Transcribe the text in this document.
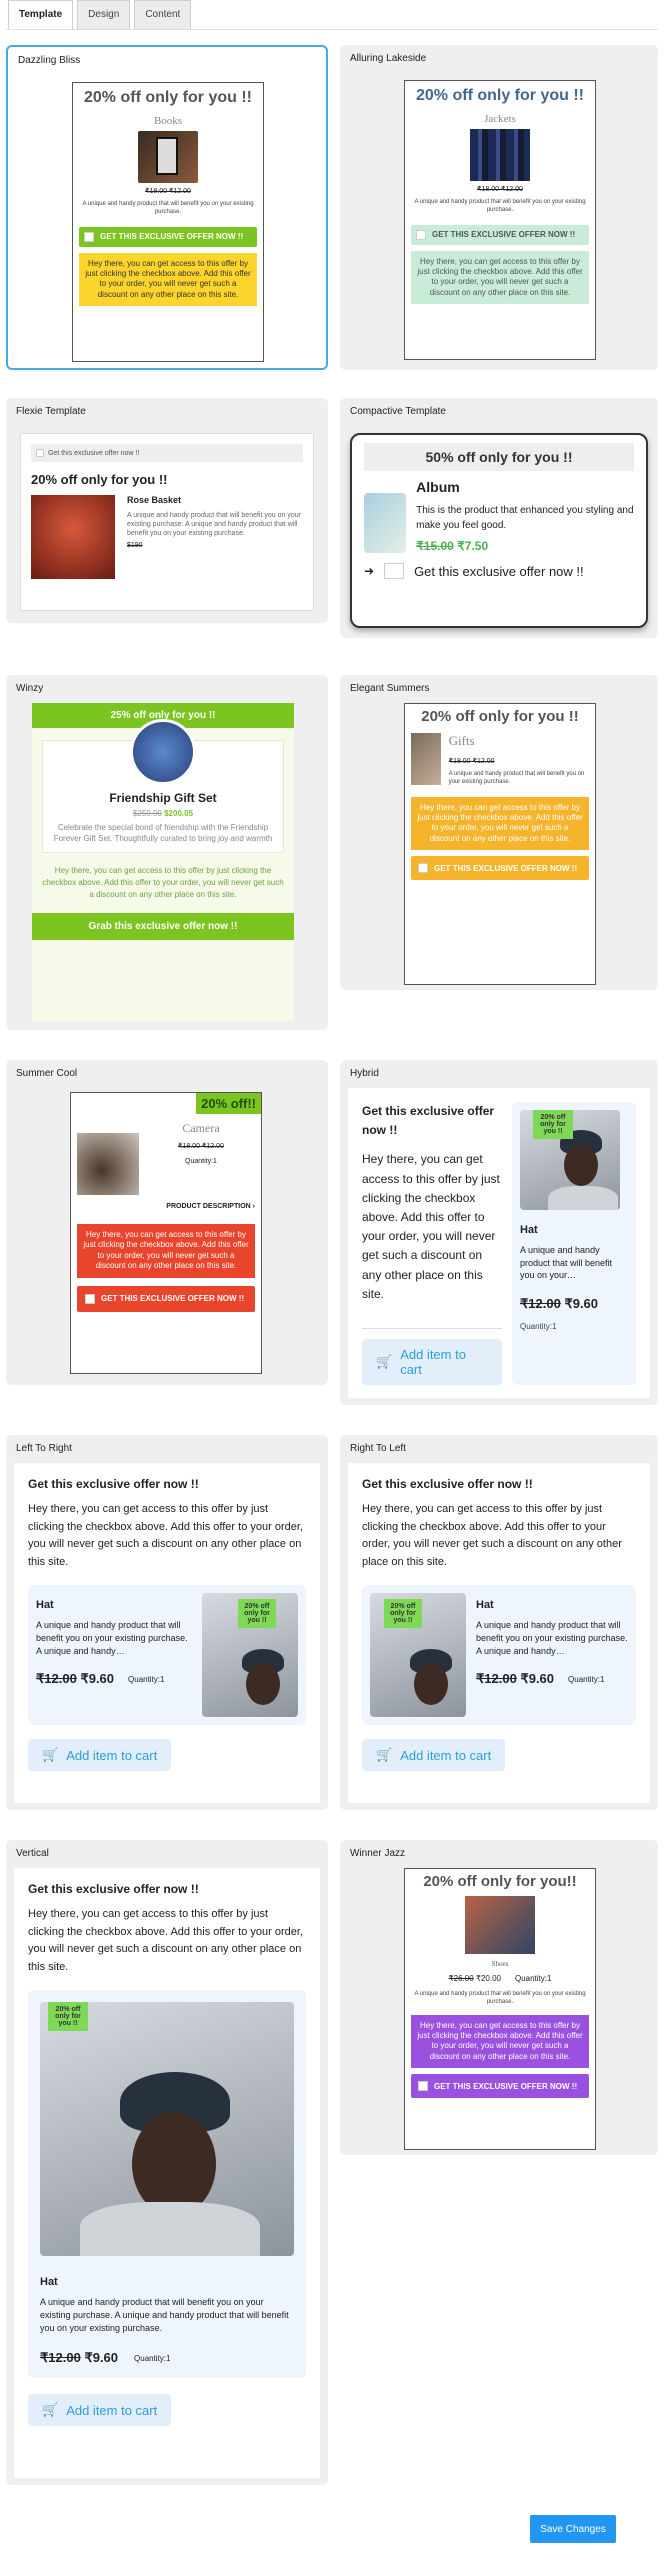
Template	Design	Content
Dazzling Bliss
20% off only for you !!
Books
₹18.00 ₹12.00
A unique and handy product that will benefit you on your existing purchase.
GET THIS EXCLUSIVE OFFER NOW !!
Hey there, you can get access to this offer by just clicking the checkbox above. Add this offer to your order, you will never get such a discount on any other place on this site.
Alluring Lakeside
20% off only for you !!
Jackets
₹18.00 ₹12.00
A unique and handy product that will benefit you on your existing purchase.
GET THIS EXCLUSIVE OFFER NOW !!
Hey there, you can get access to this offer by just clicking the checkbox above. Add this offer to your order, you will never get such a discount on any other place on this site.
Flexie Template
Get this exclusive offer now !!
20% off only for you !!
Rose Basket
A unique and handy product that will benefit you on your existing purchase. A unique and handy product that will benefit you on your existing purchase.
$190
Compactive Template
50% off only for you !!
Album
This is the product that enhanced you styling and make you feel good.
₹15.00 ₹7.50
➜	Get this exclusive offer now !!
Winzy
25% off only for you !!
Friendship Gift Set
$250.00 $200.05
Celebrate the special bond of friendship with the Friendship Forever Gift Set. Thoughtfully curated to bring joy and warmth
Hey there, you can get access to this offer by just clicking the checkbox above. Add this offer to your order, you will never get such a discount on any other place on this site.
Grab this exclusive offer now !!
Elegant Summers
20% off only for you !!
Gifts
₹18.00 ₹12.00
A unique and handy product that will benefit you on your existing purchase.
Hey there, you can get access to this offer by just clicking the checkbox above. Add this offer to your order, you will never get such a discount on any other place on this site.
GET THIS EXCLUSIVE OFFER NOW !!
Summer Cool
20% off!!
Camera
₹18.00 ₹12.00
Quantity:1
PRODUCT DESCRIPTION ›
Hey there, you can get access to this offer by just clicking the checkbox above. Add this offer to your order, you will never get such a discount on any other place on this site.
GET THIS EXCLUSIVE OFFER NOW !!
Hybrid
Get this exclusive offer now !!
Hey there, you can get access to this offer by just clicking the checkbox above. Add this offer to your order, you will never get such a discount on any other place on this site.
🛒 Add item to cart
20% off only for you !!
Hat
A unique and handy product that will benefit you on your…
₹12.00 ₹9.60
Quantity:1
Left To Right
Get this exclusive offer now !!
Hey there, you can get access to this offer by just clicking the checkbox above. Add this offer to your order, you will never get such a discount on any other place on this site.
Hat
A unique and handy product that will benefit you on your existing purchase. A unique and handy…
₹12.00 ₹9.60 Quantity:1
20% off only for you !!
🛒 Add item to cart
Right To Left
Get this exclusive offer now !!
Hey there, you can get access to this offer by just clicking the checkbox above. Add this offer to your order, you will never get such a discount on any other place on this site.
20% off only for you !!
Hat
A unique and handy product that will benefit you on your existing purchase. A unique and handy…
₹12.00 ₹9.60 Quantity:1
🛒 Add item to cart
Vertical
Get this exclusive offer now !!
Hey there, you can get access to this offer by just clicking the checkbox above. Add this offer to your order, you will never get such a discount on any other place on this site.
20% off only for you !!
Hat
A unique and handy product that will benefit you on your existing purchase. A unique and handy product that will benefit you on your existing purchase.
₹12.00 ₹9.60 Quantity:1
🛒 Add item to cart
Winner Jazz
20% off only for you!!
Shoes
₹26.00 ₹20.00 Quantity:1
A unique and handy product that will benefit you on your existing purchase.
Hey there, you can get access to this offer by just clicking the checkbox above. Add this offer to your order, you will never get such a discount on any other place on this site.
GET THIS EXCLUSIVE OFFER NOW !!
Save Changes
